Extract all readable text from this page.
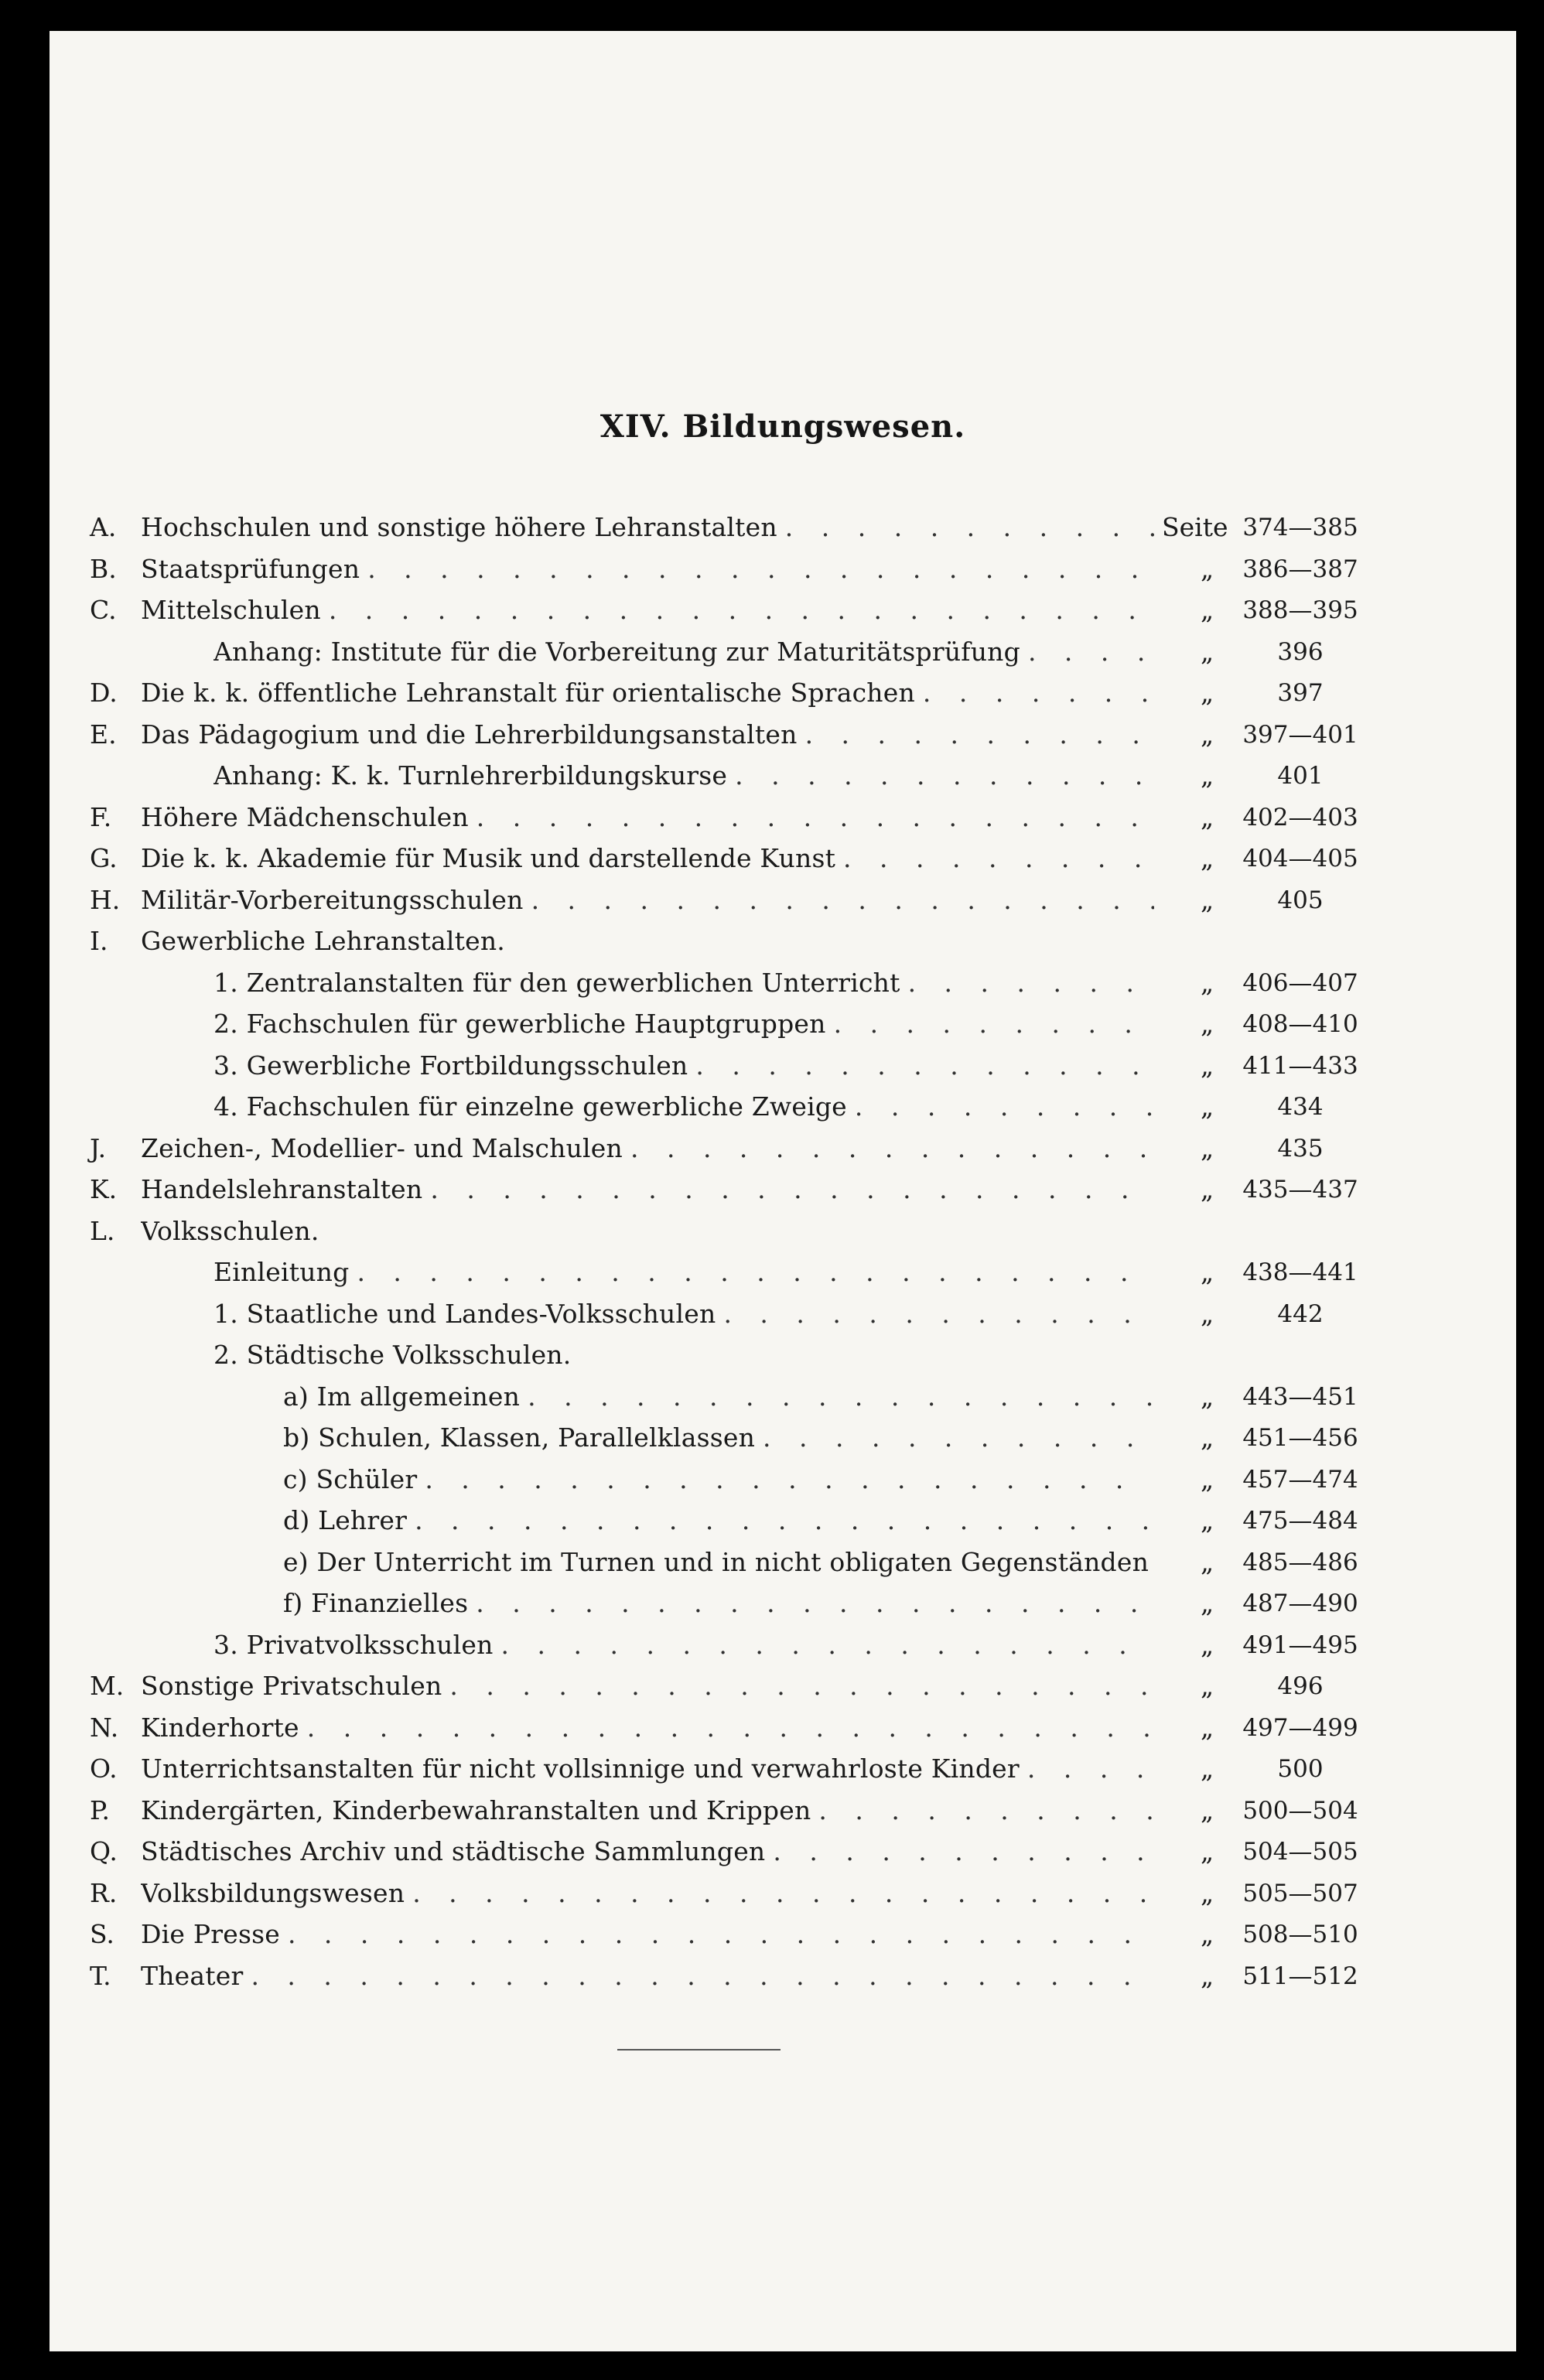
XIV. Bildungswesen.
A. Hochschulen und sonstige höhere Lehranstalten . . .	Seite 374—385
B. Staatsprüfungen . . .	„ 386—387
C. Mittelschulen . . .	„ 388—395
Anhang: Institute für die Vorbereitung zur Maturitätsprüfung . . .	„	396
D. Die k. k. öffentliche Lehranstalt für orientalische Sprachen . . .	„	397
E. Das Pädagogium und die Lehrerbildungsanstalten . . .	„ 397—401
Anhang: K. k. Turnlehrerbildungskurse . . .	„	401
F.	Höhere Mädchenschulen . . .	„ 402—403
G. Die k. k. Akademie für Musik und darstellende Kunst . . .	„ 404—405
H. Militär-Vorbereitungsschulen . . .	„	405
I.	Gewerbliche Lehranstalten.
1. Zentralanstalten für den gewerblichen Unterricht . . .	„ 406—407
2. Fachschulen für gewerbliche Hauptgruppen . . .	„ 408—410
3. Gewerbliche Fortbildungsschulen . . .	„ 411—433
4. Fachschulen für einzelne gewerbliche Zweige . . .	„	434
J.	Zeichen-, Modellier- und Malschulen . . .	„	435
K. Handelslehranstalten . . .	„ 435—437
L.	Volksschulen.
Einleitung . . .	„ 438—441
1. Staatliche und Landes-Volksschulen . . .	„	442
2. Städtische Volksschulen.
a) Im allgemeinen . . .	„ 443—451
b) Schulen, Klassen, Parallelklassen . . .	„ 451—456
c) Schüler . . .	„ 457—474
d) Lehrer . . .	„ 475—484
e) Der Unterricht im Turnen und in nicht obligaten Gegenständen . . . „ 485—486
f) Finanzielles . . .	„ 487—490
3. Privatvolksschulen . . .	„ 491—495
M. Sonstige Privatschulen . . .	„	496
N. Kinderhorte . . .	„ 497—499
O. Unterrichtsanstalten für nicht vollsinnige und verwahrloste Kinder . . .	„	500
P.	Kindergärten, Kinderbewahranstalten und Krippen . . .	„ 500—504
Q. Städtisches Archiv und städtische Sammlungen . . .	„ 504—505
R. Volksbildungswesen . . .	„ 505—507
S.	Die Presse . . .	„ 508—510
T.	Theater . . .	„ 511—512
